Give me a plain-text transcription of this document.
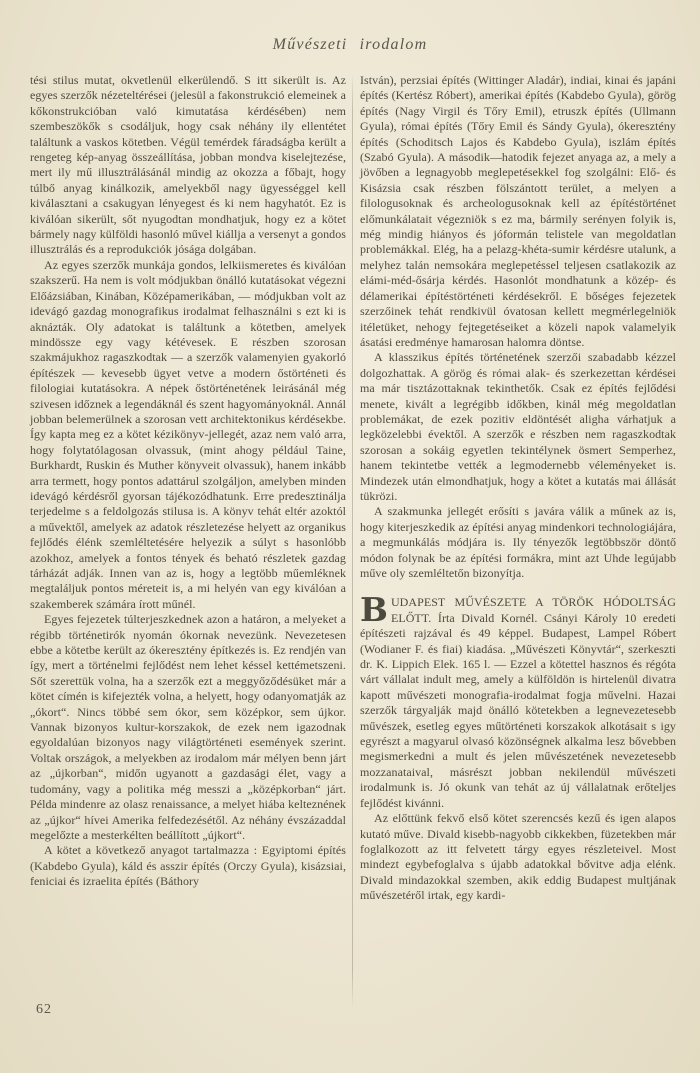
Művészeti irodalom

tési stilus mutat, okvetlenül elkerülendő. S itt sikerült is. Az egyes szerzők nézeteltérései (jelesül a fakonstrukció elemeinek a kőkonstrukcióban való kimutatása kérdésében) nem szembeszökők s csodáljuk, hogy csak néhány ily ellentétet találtunk a vaskos kötetben. Végül temérdek fáradságba került a rengeteg kép-anyag összeállítása, jobban mondva kiselejtezése, mert ily mű illusztrálásánál mindig az okozza a főbajt, hogy túlbő anyag kinálkozik, amelyekből nagy ügyességgel kell kiválasztani a csakugyan lényegest és ki nem hagyhatót. Ez is kiválóan sikerült, sőt nyugodtan mondhatjuk, hogy ez a kötet bármely nagy külföldi hasonló művel kiállja a versenyt a gondos illusztrálás és a reprodukciók jósága dolgában.

Az egyes szerzők munkája gondos, lelkiismeretes és kiválóan szakszerű. Ha nem is volt módjukban önálló kutatásokat végezni Előázsiában, Kinában, Középamerikában, — módjukban volt az idevágó gazdag monografikus irodalmat felhasználni s ezt ki is aknázták. Oly adatokat is találtunk a kötetben, amelyek mindössze egy vagy kétévesek. E részben szorosan szakmájukhoz ragaszkodtak — a szerzők valamenyien gyakorló építészek — kevesebb ügyet vetve a modern őstörténeti és filologiai kutatásokra. A népek őstörténetének leirásánál még szivesen időznek a legendáknál és szent hagyományoknál. Annál jobban belemerülnek a szorosan vett architektonikus kérdésekbe. Így kapta meg ez a kötet kézikönyv-jellegét, azaz nem való arra, hogy folytatólagosan olvassuk, (mint ahogy például Taine, Burkhardt, Ruskin és Muther könyveit olvassuk), hanem inkább arra termett, hogy pontos adattárul szolgáljon, amelyben minden idevágó kérdésről gyorsan tájékozódhatunk. Erre predesztinálja terjedelme s a feldolgozás stilusa is. A könyv tehát eltér azoktól a művektől, amelyek az adatok részletezése helyett az organikus fejlődés élénk szemléltetésére helyezik a súlyt s hasonlóbb azokhoz, amelyek a fontos tények és beható részletek gazdag tárházát adják. Innen van az is, hogy a legtöbb műemléknek megtaláljuk pontos méreteit is, a mi helyén van egy kiválóan a szakemberek számára írott műnél.

Egyes fejezetek túlterjeszkednek azon a határon, a melyeket a régibb történetirók nyomán ókornak nevezünk. Nevezetesen ebbe a kötetbe került az ókeresztény építkezés is. Ez rendjén van így, mert a történelmi fejlődést nem lehet késsel kettémetszeni. Sőt szerettük volna, ha a szerzők ezt a meggyőződésüket már a kötet címén is kifejezték volna, a helyett, hogy odanyomatják az „ókort“. Nincs többé sem ókor, sem középkor, sem újkor. Vannak bizonyos kultur-korszakok, de ezek nem igazodnak egyoldalúan bizonyos nagy világtörténeti események szerint. Voltak országok, a melyekben az irodalom már mélyen benn járt az „újkorban“, midőn ugyanott a gazdasági élet, vagy a tudomány, vagy a politika még messzi a „középkorban“ járt. Példa mindenre az olasz renaissance, a melyet hiába kelteznének az „újkor“ hívei Amerika felfedezésétől. Az néhány évszázaddal megelőzte a mesterkélten beállított „újkort“.

A kötet a következő anyagot tartalmazza : Egyiptomi építés (Kabdebo Gyula), káld és asszir építés (Orczy Gyula), kisázsiai, feniciai és izraelita építés (Báthory

István), perzsiai építés (Wittinger Aladár), indiai, kinai és japáni építés (Kertész Róbert), amerikai építés (Kabdebo Gyula), görög építés (Nagy Virgil és Tőry Emil), etruszk építés (Ullmann Gyula), római építés (Tőry Emil és Sándy Gyula), ókeresztény építés (Schoditsch Lajos és Kabdebo Gyula), iszlám építés (Szabó Gyula). A második—hatodik fejezet anyaga az, a mely a jövőben a legnagyobb meglepetésekkel fog szolgálni: Elő- és Kisázsia csak részben fölszántott terület, a melyen a filologusoknak és archeologusoknak kell az építéstörténet előmunkálatait végezniök s ez ma, bármily serényen folyik is, még mindig hiányos és jóformán telistele van megoldatlan problemákkal. Elég, ha a pelazg-khéta-sumir kérdésre utalunk, a melyhez talán nemsokára meglepetéssel teljesen csatlakozik az elámi-méd-ősárja kérdés. Hasonlót mondhatunk a közép- és délamerikai építéstörténeti kérdésekről. E bőséges fejezetek szerzőinek tehát rendkivül óvatosan kellett megmérlegelniök itéletüket, nehogy fejtegetéseiket a közeli napok valamelyik ásatási eredménye hamarosan halomra döntse.

A klasszikus építés történetének szerzői szabadabb kézzel dolgozhattak. A görög és római alak- és szerkezettan kérdései ma már tisztázottaknak tekinthetők. Csak ez építés fejlődési menete, kivált a legrégibb időkben, kinál még megoldatlan problemákat, de ezek pozitiv eldöntését aligha várhatjuk a legközelebbi évektől. A szerzők e részben nem ragaszkodtak szorosan a sokáig egyetlen tekintélynek ösmert Semperhez, hanem tekintetbe vették a legmodernebb véleményeket is. Mindezek után elmondhatjuk, hogy a kötet a kutatás mai állását tükrözi.

A szakmunka jellegét erősíti s javára válik a műnek az is, hogy kiterjeszkedik az építési anyag mindenkori technologiájára, a megmunkálás módjára is. Ily tényezők legtöbbször döntő módon folynak be az építési formákra, mint azt Uhde legújabb műve oly szemléltetőn bizonyítja.

BUDAPEST MŰVÉSZETE A TÖRÖK HÓDOLTSÁG ELŐTT. Írta Divald Kornél. Csányi Károly 10 eredeti építészeti rajzával és 49 képpel. Budapest, Lampel Róbert (Wodianer F. és fiai) kiadása. „Művészeti Könyvtár“, szerkeszti dr. K. Lippich Elek. 165 l. — Ezzel a kötettel hasznos és régóta várt vállalat indult meg, amely a külföldön is hirtelenül divatra kapott művészeti monografia-irodalmat fogja művelni. Hazai szerzők tárgyalják majd önálló kötetekben a legnevezetesebb művészek, esetleg egyes műtörténeti korszakok alkotásait s igy egyrészt a magyarul olvasó közönségnek alkalma lesz bővebben megismerkedni a mult és jelen művészetének nevezetesebb mozzanataival, másrészt jobban nekilendül művészeti irodalmunk is. Jó okunk van tehát az új vállalatnak erőteljes fejlődést kivánni.

Az előttünk fekvő első kötet szerencsés kezű és igen alapos kutató műve. Divald kisebb-nagyobb cikkekben, füzetekben már foglalkozott az itt felvetett tárgy egyes részleteivel. Most mindezt egybefoglalva s újabb adatokkal bővitve adja elénk. Divald mindazokkal szemben, akik eddig Budapest multjának művészetéről irtak, egy kardi-

62
